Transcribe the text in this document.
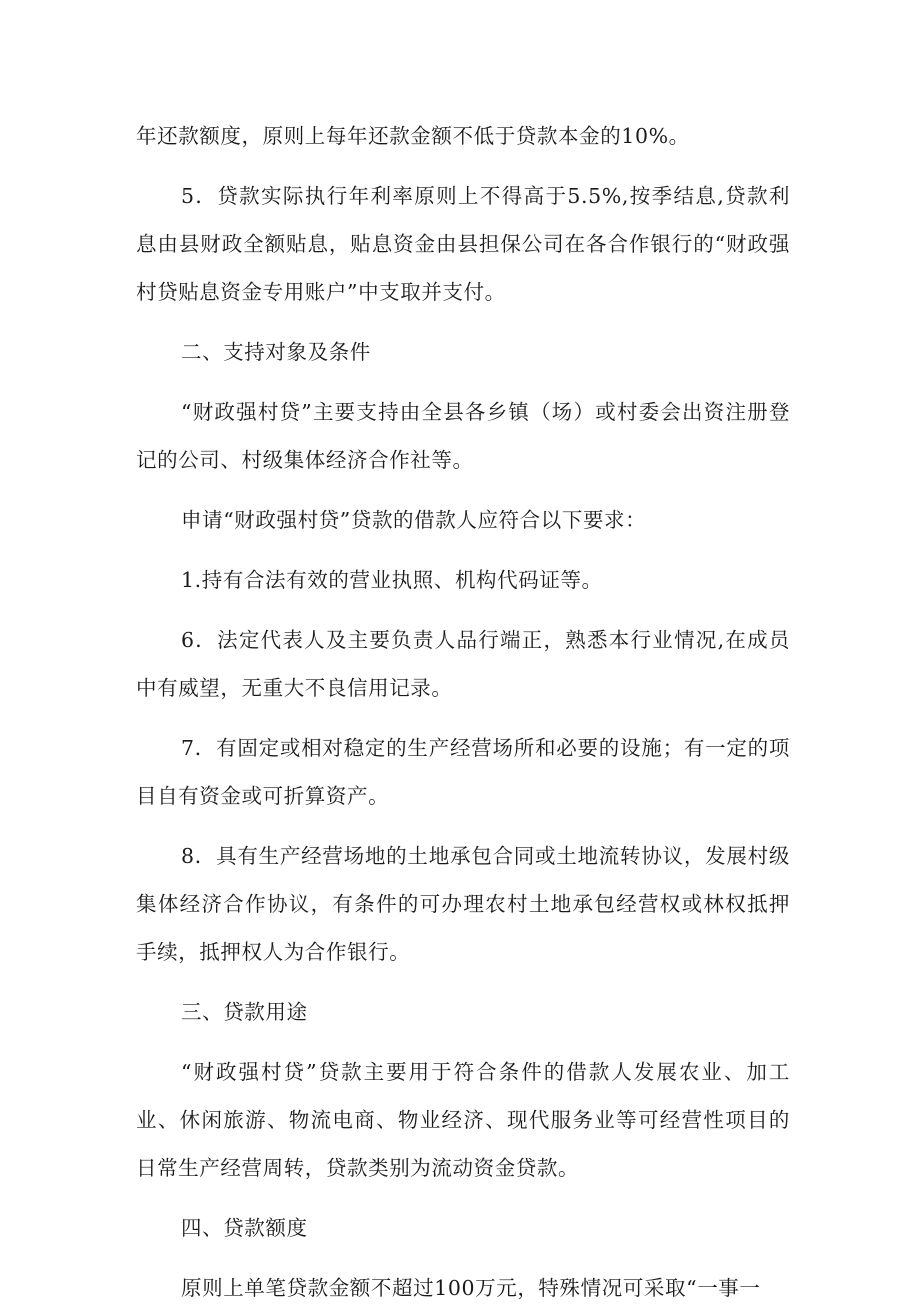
年还款额度，原则上每年还款金额不低于贷款本金的10%。

5．贷款实际执行年利率原则上不得高于5.5%,按季结息,贷款利息由县财政全额贴息，贴息资金由县担保公司在各合作银行的“财政强村贷贴息资金专用账户”中支取并支付。

二、支持对象及条件

“财政强村贷”主要支持由全县各乡镇（场）或村委会出资注册登记的公司、村级集体经济合作社等。

申请“财政强村贷”贷款的借款人应符合以下要求：

1.持有合法有效的营业执照、机构代码证等。

6．法定代表人及主要负责人品行端正，熟悉本行业情况,在成员中有威望，无重大不良信用记录。

7．有固定或相对稳定的生产经营场所和必要的设施；有一定的项目自有资金或可折算资产。

8．具有生产经营场地的土地承包合同或土地流转协议，发展村级集体经济合作协议，有条件的可办理农村土地承包经营权或林权抵押手续，抵押权人为合作银行。

三、贷款用途

“财政强村贷”贷款主要用于符合条件的借款人发展农业、加工业、休闲旅游、物流电商、物业经济、现代服务业等可经营性项目的日常生产经营周转，贷款类别为流动资金贷款。

四、贷款额度

原则上单笔贷款金额不超过100万元，特殊情况可采取“一事一
